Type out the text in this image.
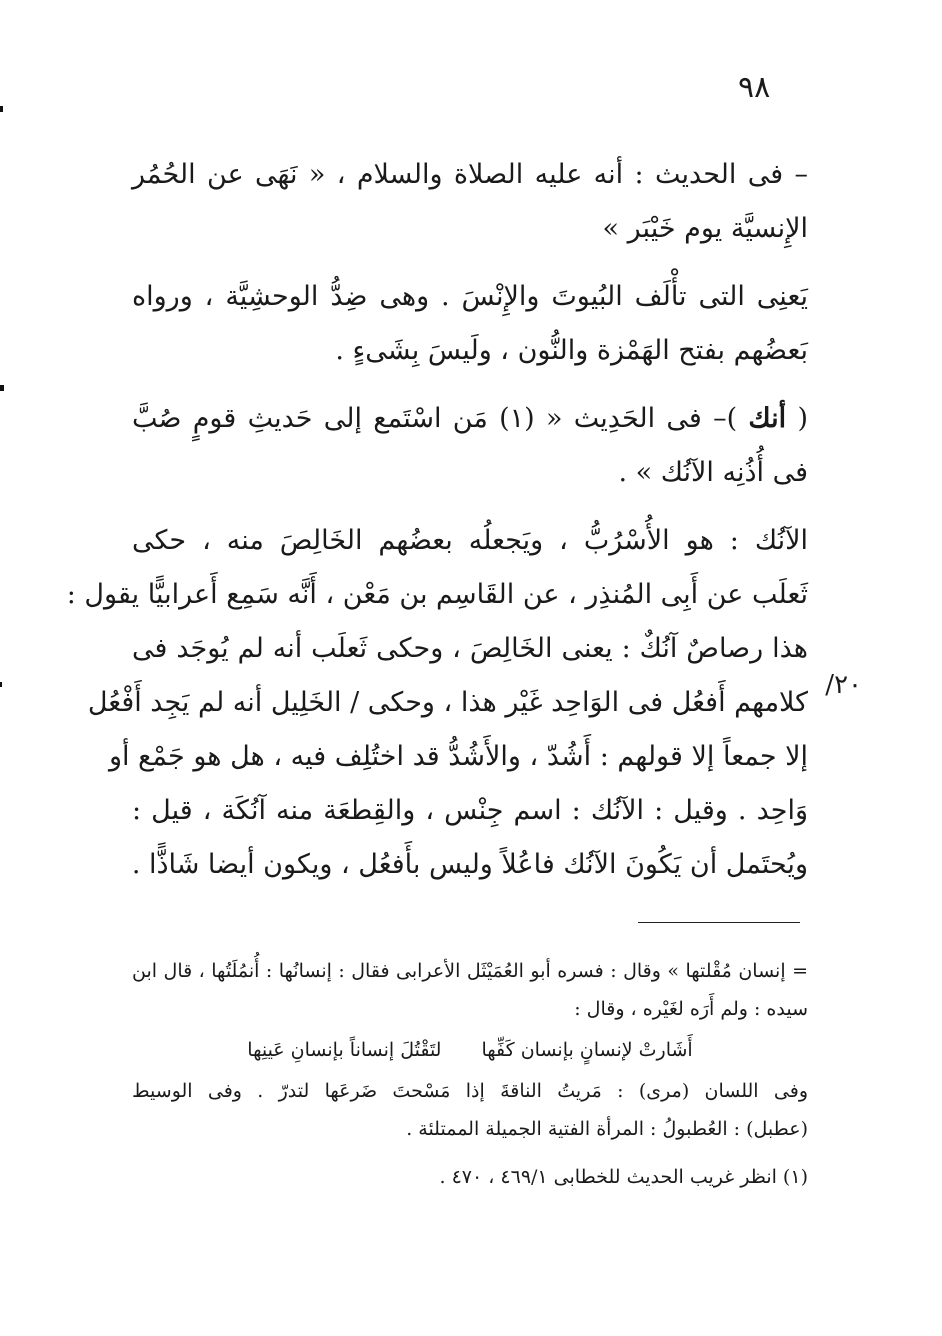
٩٨
– فى الحديث : أنه عليه الصلاة والسلام ، « نَهَى عن الحُمُر
الإِنسيَّة يوم خَيْبَر »
يَعنِى التى تأْلَف البُيوتَ والإِنْسَ . وهى ضِدُّ الوحشِيَّة ، ورواه
بَعضُهم بفتح الهَمْزة والنُّون ، ولَيسَ بِشَىءٍ .
( أنك )– فى الحَدِيث « (١) مَن اسْتَمع إلى حَديثِ قومٍ صُبَّ
فى أُذُنِه الآنُك » .
الآنُك : هو الأُسْرُبُّ ، ويَجعلُه بعضُهم الخَالِصَ منه ، حكى
ثَعلَب عن أَبِى المُنذِر ، عن القَاسِم بن مَعْن ، أَنَّه سَمِع أَعرابيًّا يقول :
هذا رصاصٌ آنُكٌ : يعنى الخَالِصَ ، وحكى ثَعلَب أنه لم يُوجَد فى
كلامهم أَفعُل فى الوَاحِد غَيْر هذا ، وحكى / الخَلِيل أنه لم يَجِد أَفْعُل
إلا جمعاً إلا قولهم : أَشُدّ ، والأَشُدُّ قد اختُلِف فيه ، هل هو جَمْع أو
وَاحِد . وقيل : الآنُك : اسم جِنْس ، والقِطعَة منه آنُكَة ، قيل :
ويُحتَمل أن يَكُونَ الآنُك فاعُلاً وليس بأَفعُل ، ويكون أيضا شَاذًّا .
٢٠/
= إنسان مُقْلتها » وقال : فسره أبو العُمَيْثَل الأعرابى فقال : إنسانُها : أُنمُلَتُها ، قال ابن
سيده : ولم أَرَه لغَيْره ، وقال :
أَشَارتْ لإنسانٍ بإنسان كَفِّها
لتَقْتُلَ إنساناً بإنسانِ عَينِها
وفى اللسان (مرى) : مَريتُ الناقةَ إذا مَسْحتَ ضَرعَها لتدرّ . وفى الوسيط
(عطبل) : العُطبولُ : المرأة الفتية الجميلة الممتلئة .
(١) انظر غريب الحديث للخطابى ٤٦٩/١ ، ٤٧٠ .
